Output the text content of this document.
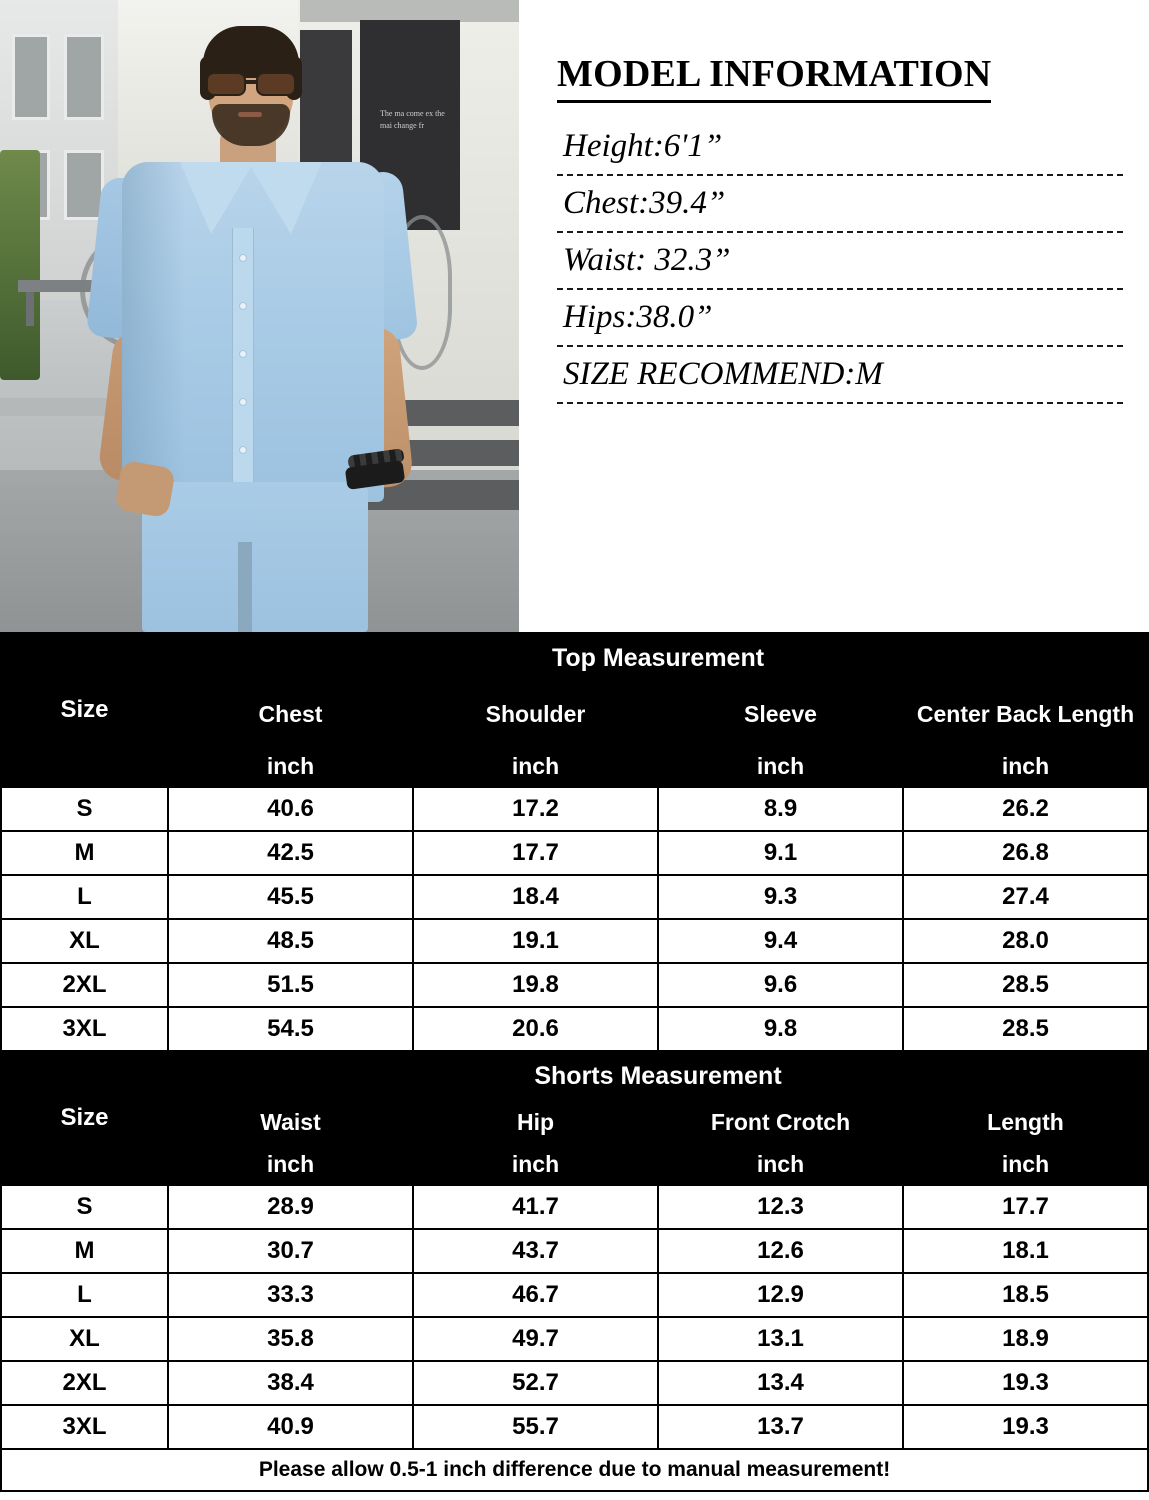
The ma come ex the mai change fr
MODEL INFORMATION
Height:6'1”
Chest:39.4”
Waist: 32.3”
Hips:38.0”
SIZE RECOMMEND:M
Size	Top Measurement			
	Chest	Shoulder	Sleeve	Center Back Length
	inch	inch	inch	inch
S	40.6	17.2	8.9	26.2
M	42.5	17.7	9.1	26.8
L	45.5	18.4	9.3	27.4
XL	48.5	19.1	9.4	28.0
2XL	51.5	19.8	9.6	28.5
3XL	54.5	20.6	9.8	28.5
Size	Shorts Measurement			
	Waist	Hip	Front Crotch	Length
	inch	inch	inch	inch
S	28.9	41.7	12.3	17.7
M	30.7	43.7	12.6	18.1
L	33.3	46.7	12.9	18.5
XL	35.8	49.7	13.1	18.9
2XL	38.4	52.7	13.4	19.3
3XL	40.9	55.7	13.7	19.3
Please allow 0.5-1 inch difference due to manual measurement!				
